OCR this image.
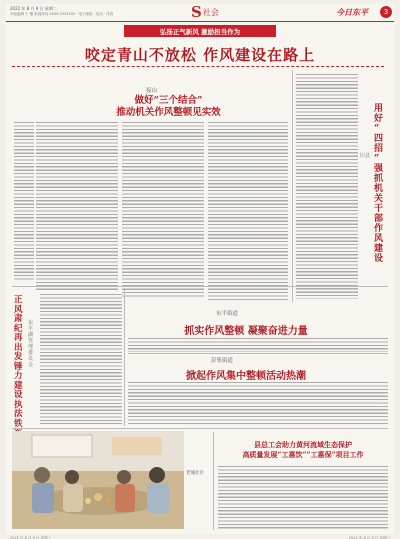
2022 年 8 月 9 日 星期二
本版编辑 于 娜 新闻热线 0559-2524450 · 电子邮箱 · 电话 · 传真	S 社会	今日东平	3
弘扬正气新风 激励担当作为
咬定青山不放松 作风建设在路上
接山
做好“三个结合”
推动机关作风整顿见实效	用好“四招”强抓机关干部作风建设
旧县
正风肃纪再出发 锤力建设执法铁
东平湖管理委员会
东平街道
抓实作风整顿 凝聚奋进力量
彭集街道
掀起作风集中整顿活动热潮
老城社区
县总工会助力黄河流域生态保护
高质量发展“工惠饮”“工惠保”项目工作
2022 年 8 月 9 日 星期二	2022 年 8 月 9 日 星期二
